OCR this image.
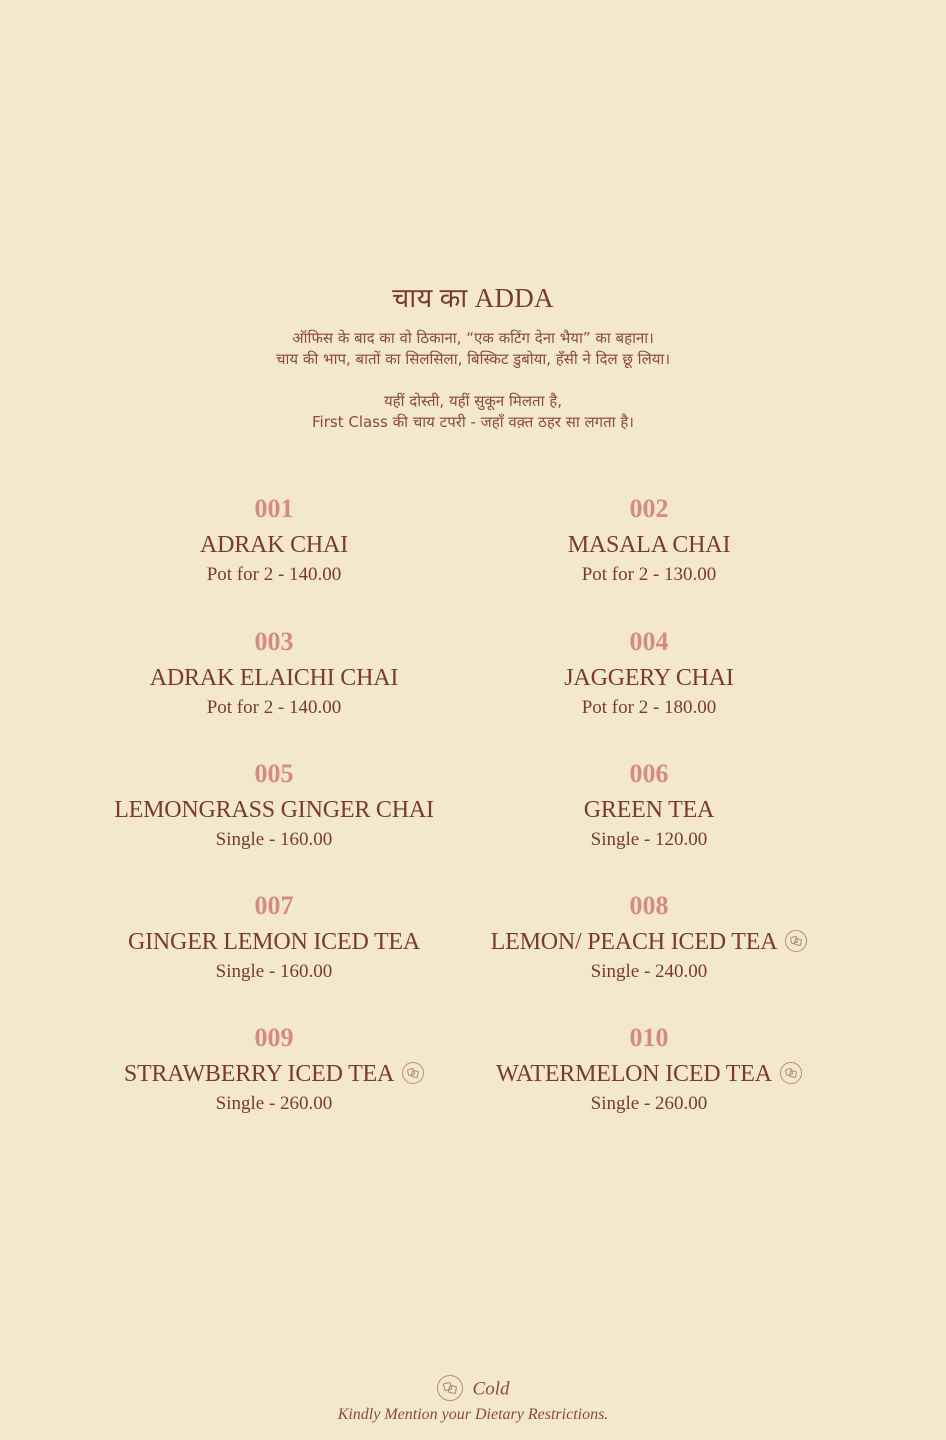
चाय का ADDA
ऑफिस के बाद का वो ठिकाना, “एक कटिंग देना भैया” का बहाना।
चाय की भाप, बातों का सिलसिला, बिस्किट डुबोया, हँसी ने दिल छू लिया।
यहीं दोस्ती, यहीं सुकून मिलता है,
First Class की चाय टपरी - जहाँ वक़्त ठहर सा लगता है।
001
ADRAK CHAI
Pot for 2 - 140.00
002
MASALA CHAI
Pot for 2 - 130.00
003
ADRAK ELAICHI CHAI
Pot for 2 - 140.00
004
JAGGERY CHAI
Pot for 2 - 180.00
005
LEMONGRASS GINGER CHAI
Single - 160.00
006
GREEN TEA
Single - 120.00
007
GINGER LEMON ICED TEA
Single - 160.00
008
LEMON/ PEACH ICED TEA
Single - 240.00
009
STRAWBERRY ICED TEA
Single - 260.00
010
WATERMELON ICED TEA
Single - 260.00
Cold
Kindly Mention your Dietary Restrictions.
